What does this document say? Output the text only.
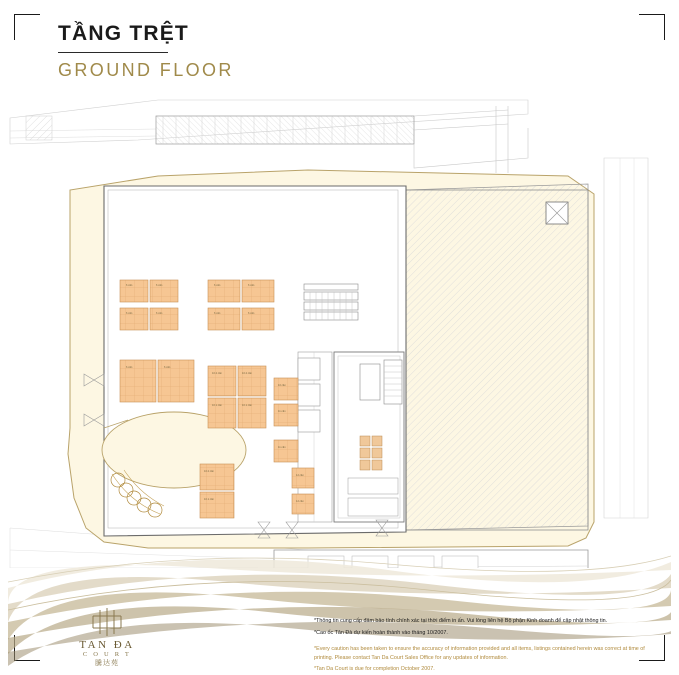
TẦNG TRỆT
GROUND FLOOR
6 căn	6 căn	6 căn	6 căn
6 căn	6 căn	6 căn	6 căn
6 căn	6 căn
10.2 căn	10.2 căn
10.1 căn	10.1 căn
10.2 căn
10.1 căn
10 căn
11 căn
11 căn
12 căn
12 căn
TAN ĐA
C O U R T
騰达苑
*Thông tin cung cấp đảm bảo tính chính xác tại thời điểm in ấn. Vui lòng liên hệ Bộ phận Kinh doanh để cập nhật thông tin.
*Cao ốc Tân Đà dự kiến hoàn thành vào tháng 10/2007.
*Every caution has been taken to ensure the accuracy of information provided and all items, listings contained herein was correct at time of printing. Please contact Tan Da Court Sales Office for any updates of information.
*Tan Da Court is due for completion October 2007.
